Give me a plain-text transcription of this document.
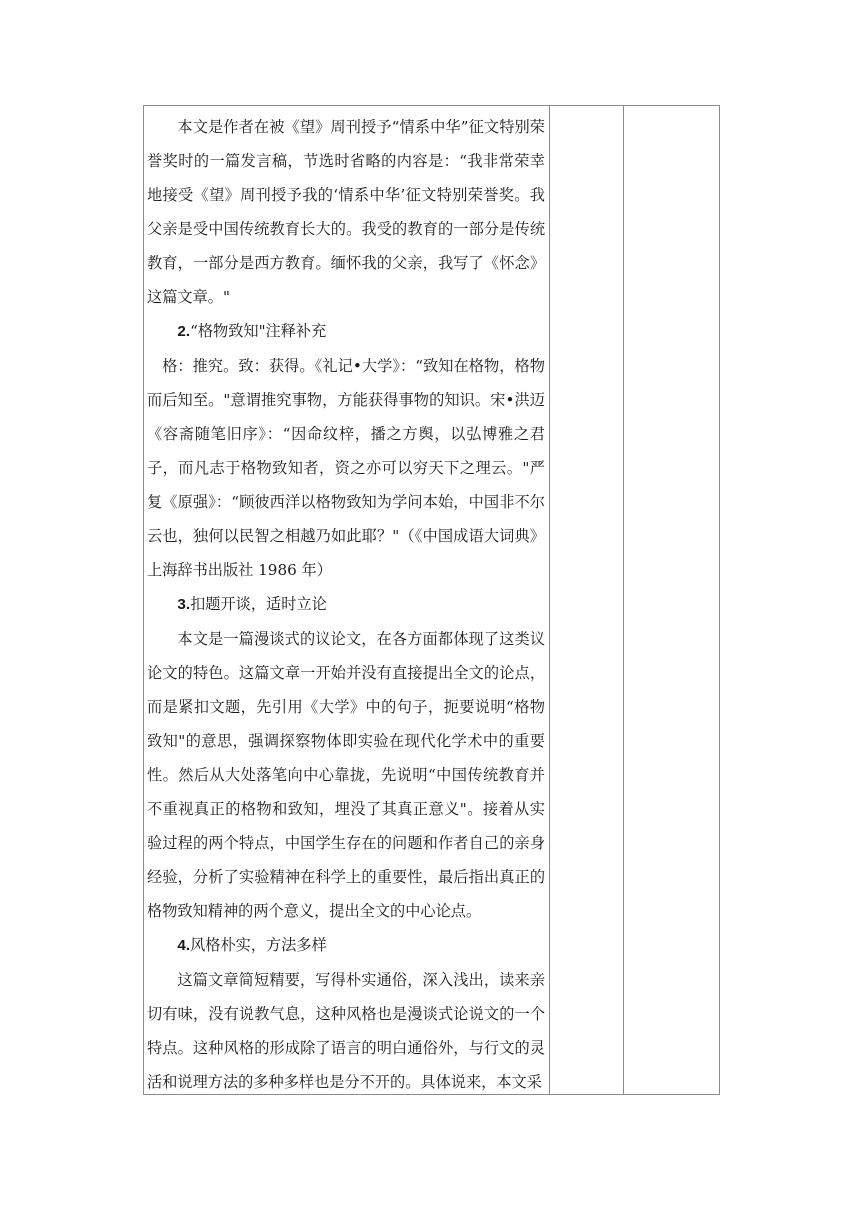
本文是作者在被《望》周刊授予“情系中华”征文特别荣誉奖时的一篇发言稿，节选时省略的内容是：“我非常荣幸地接受《望》周刊授予我的‘情系中华’征文特别荣誉奖。我父亲是受中国传统教育长大的。我受的教育的一部分是传统教育，一部分是西方教育。缅怀我的父亲，我写了《怀念》这篇文章。"

2.“格物致知"注释补充

格：推究。致：获得。《礼记•大学》：“致知在格物，格物而后知至。"意谓推究事物，方能获得事物的知识。宋•洪迈《容斋随笔旧序》：“因命纹梓，播之方舆，以弘博雅之君子，而凡志于格物致知者，资之亦可以穷天下之理云。"严复《原强》：“顾彼西洋以格物致知为学问本始，中国非不尔云也，独何以民智之相越乃如此耶？"（《中国成语大词典》上海辞书出版社 1986 年）

3.扣题开谈，适时立论

本文是一篇漫谈式的议论文，在各方面都体现了这类议论文的特色。这篇文章一开始并没有直接提出全文的论点，而是紧扣文题，先引用《大学》中的句子，扼要说明“格物致知"的意思，强调探察物体即实验在现代化学术中的重要性。然后从大处落笔向中心靠拢，先说明“中国传统教育并不重视真正的格物和致知，埋没了其真正意义"。接着从实验过程的两个特点，中国学生存在的问题和作者自己的亲身经验，分析了实验精神在科学上的重要性，最后指出真正的格物致知精神的两个意义，提出全文的中心论点。

4.风格朴实，方法多样

这篇文章简短精要，写得朴实通俗，深入浅出，读来亲切有味，没有说教气息，这种风格也是漫谈式论说文的一个特点。这种风格的形成除了语言的明白通俗外，与行文的灵活和说理方法的多种多样也是分不开的。具体说来，本文采
